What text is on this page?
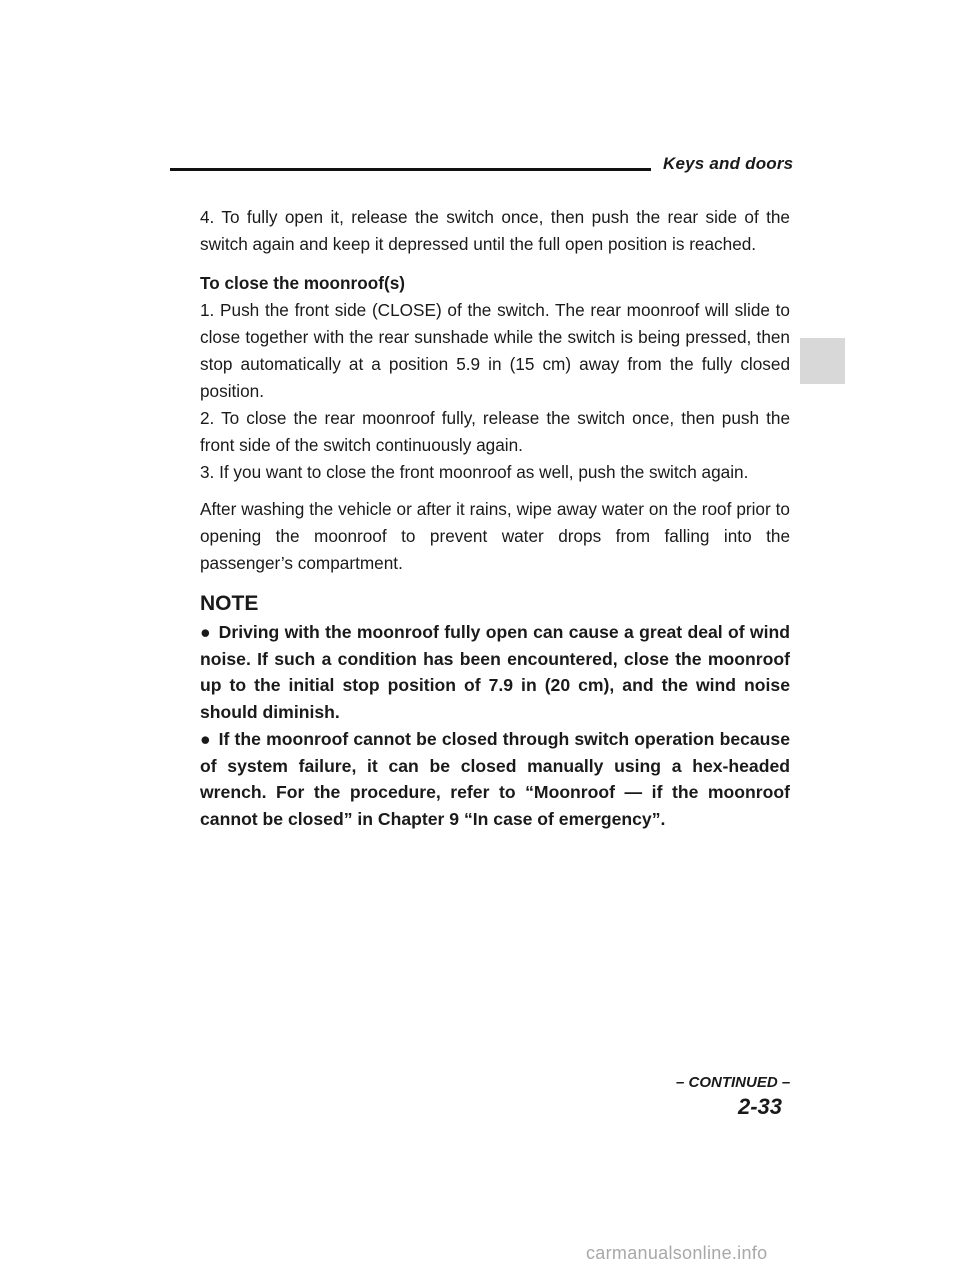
Keys and doors

4. To fully open it, release the switch once, then push the rear side of the switch again and keep it depressed until the full open position is reached.

To close the moonroof(s)

1. Push the front side (CLOSE) of the switch. The rear moonroof will slide to close together with the rear sunshade while the switch is being pressed, then stop automatically at a position 5.9 in (15 cm) away from the fully closed position.

2. To close the rear moonroof fully, release the switch once, then push the front side of the switch continuously again.

3. If you want to close the front moonroof as well, push the switch again.

After washing the vehicle or after it rains, wipe away water on the roof prior to opening the moonroof to prevent water drops from falling into the passenger’s compartment.

NOTE

● Driving with the moonroof fully open can cause a great deal of wind noise. If such a condition has been encountered, close the moonroof up to the initial stop position of 7.9 in (20 cm), and the wind noise should diminish.

● If the moonroof cannot be closed through switch operation because of system failure, it can be closed manually using a hex-headed wrench. For the procedure, refer to “Moonroof — if the moonroof cannot be closed” in Chapter 9 “In case of emergency”.

– CONTINUED –
2-33
carmanualsonline.info
